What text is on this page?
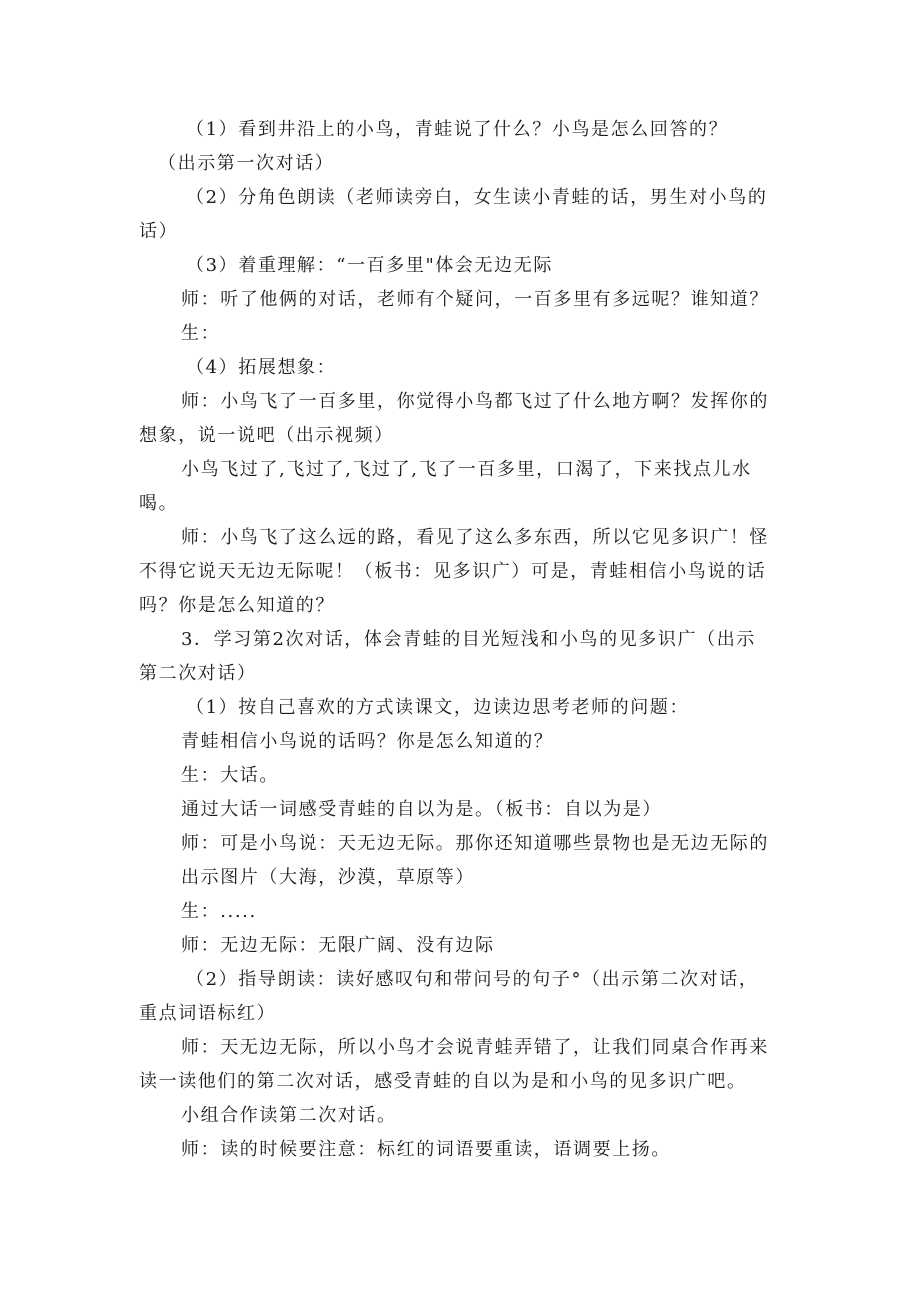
（1）看到井沿上的小鸟，青蛙说了什么？小鸟是怎么回答的？
（出示第一次对话）
（2）分角色朗读（老师读旁白，女生读小青蛙的话，男生对小鸟的
话）
（3）着重理解：“一百多里"体会无边无际
师：听了他俩的对话，老师有个疑问，一百多里有多远呢？谁知道？
生：
（4）拓展想象：
师：小鸟飞了一百多里，你觉得小鸟都飞过了什么地方啊？发挥你的
想象，说一说吧（出示视频）
小鸟飞过了,飞过了,飞过了,飞了一百多里，口渴了，下来找点儿水
喝。
师：小鸟飞了这么远的路，看见了这么多东西，所以它见多识广！怪
不得它说天无边无际呢！（板书：见多识广）可是，青蛙相信小鸟说的话
吗？你是怎么知道的？
3．学习第2次对话，体会青蛙的目光短浅和小鸟的见多识广（出示
第二次对话）
（1）按自己喜欢的方式读课文，边读边思考老师的问题：
青蛙相信小鸟说的话吗？你是怎么知道的？
生：大话。
通过大话一词感受青蛙的自以为是。（板书：自以为是）
师：可是小鸟说：天无边无际。那你还知道哪些景物也是无边无际的
出示图片（大海，沙漠，草原等）
生：.....
师：无边无际：无限广阔、没有边际
（2）指导朗读：读好感叹句和带问号的句子°（出示第二次对话，
重点词语标红）
师：天无边无际，所以小鸟才会说青蛙弄错了，让我们同桌合作再来
读一读他们的第二次对话，感受青蛙的自以为是和小鸟的见多识广吧。
小组合作读第二次对话。
师：读的时候要注意：标红的词语要重读，语调要上扬。
